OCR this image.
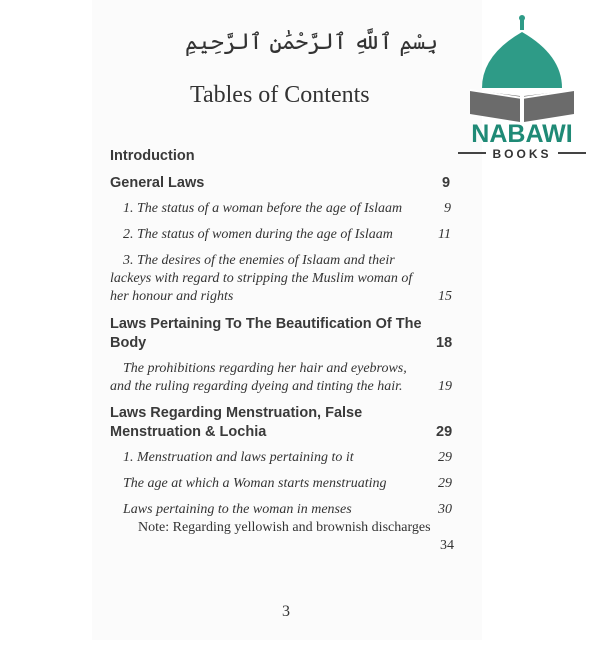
بِسْمِ ٱللَّهِ ٱلرَّحْمَٰنِ ٱلرَّحِيمِ
Tables of Contents
NABAWI
BOOKS
Introduction
General Laws	9
1. The status of a woman before the age of Islaam	9
2. The status of women during the age of Islaam	11
3. The desires of the enemies of Islaam and their
lackeys with regard to stripping the Muslim woman of
her honour and rights	15
Laws Pertaining To The Beautification Of The
Body	18
The prohibitions regarding her hair and eyebrows,
and the ruling regarding dyeing and tinting the hair.	19
Laws Regarding Menstruation, False
Menstruation & Lochia	29
1. Menstruation and laws pertaining to it	29
The age at which a Woman starts menstruating	29
Laws pertaining to the woman in menses	30
Note: Regarding yellowish and brownish discharges
34
3
